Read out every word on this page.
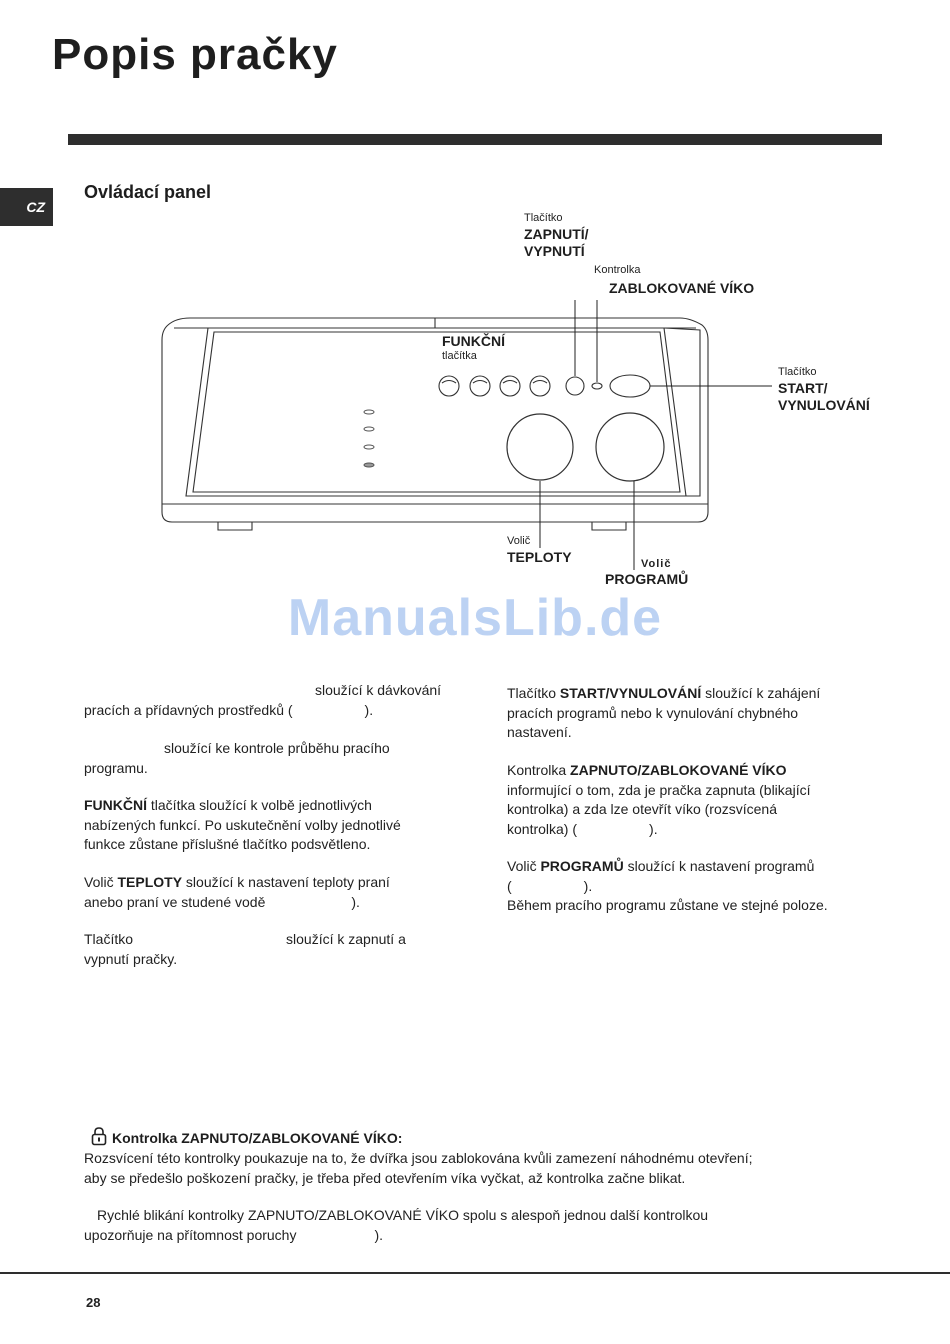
Popis pračky
CZ
Ovládací panel
Tlačítko
ZAPNUTÍ/
VYPNUTÍ
Kontrolka
ZABLOKOVANÉ VÍKO
FUNKČNÍ
tlačítka
Tlačítko
START/
VYNULOVÁNÍ
Volič
TEPLOTY	Volič
PROGRAMŮ
ManualsLib.de
sloužící k dávkování
pracích a přídavných prostředků (	).
sloužící ke kontrole průběhu pracího
programu.
FUNKČNÍ tlačítka sloužící k volbě jednotlivých
nabízených funkcí. Po uskutečnění volby jednotlivé
funkce zůstane příslušné tlačítko podsvětleno.
Volič TEPLOTY sloužící k nastavení teploty praní
anebo praní ve studené vodě	).
Tlačítko	sloužící k zapnutí a
vypnutí pračky.
Tlačítko START/VYNULOVÁNÍ sloužící k zahájení
pracích programů nebo k vynulování chybného
nastavení.
Kontrolka ZAPNUTO/ZABLOKOVANÉ VÍKO
informující o tom, zda je pračka zapnuta (blikající
kontrolka) a zda lze otevřít víko (rozsvícená
kontrolka) (	).
Volič PROGRAMŮ sloužící k nastavení programů
(	).
Během pracího programu zůstane ve stejné poloze.
Kontrolka ZAPNUTO/ZABLOKOVANÉ VÍKO:
Rozsvícení této kontrolky poukazuje na to, že dvířka jsou zablokována kvůli zamezení náhodnému otevření;
aby se předešlo poškození pračky, je třeba před otevřením víka vyčkat, až kontrolka začne blikat.
Rychlé blikání kontrolky ZAPNUTO/ZABLOKOVANÉ VÍKO spolu s alespoň jednou další kontrolkou
upozorňuje na přítomnost poruchy	).
28
